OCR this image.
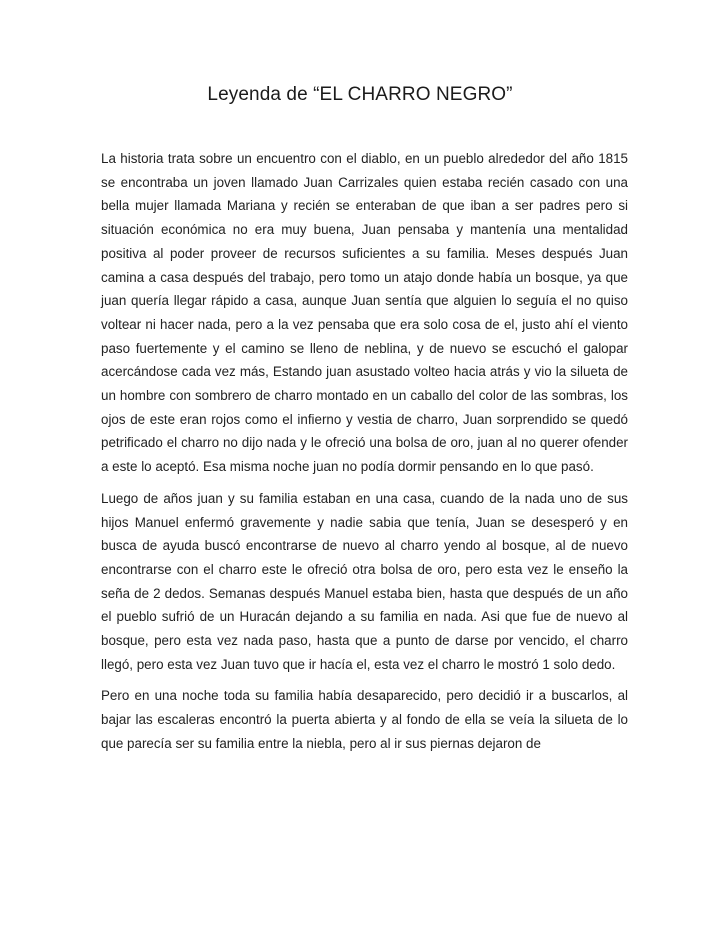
Leyenda de “EL CHARRO NEGRO”

La historia trata sobre un encuentro con el diablo, en un pueblo alrededor del año 1815 se encontraba un joven llamado Juan Carrizales quien estaba recién casado con una bella mujer llamada Mariana y recién se enteraban de que iban a ser padres pero si situación económica no era muy buena, Juan pensaba y mantenía una mentalidad positiva al poder proveer de recursos suficientes a su familia. Meses después Juan camina a casa después del trabajo, pero tomo un atajo donde había un bosque, ya que juan quería llegar rápido a casa, aunque Juan sentía que alguien lo seguía el no quiso voltear ni hacer nada, pero a la vez pensaba que era solo cosa de el, justo ahí el viento paso fuertemente y el camino se lleno de neblina, y de nuevo se escuchó el galopar acercándose cada vez más, Estando juan asustado volteo hacia atrás y vio la silueta de un hombre con sombrero de charro montado en un caballo del color de las sombras, los ojos de este eran rojos como el infierno y vestia de charro, Juan sorprendido se quedó petrificado el charro no dijo nada y le ofreció una bolsa de oro, juan al no querer ofender a este lo aceptó. Esa misma noche juan no podía dormir pensando en lo que pasó.

Luego de años juan y su familia estaban en una casa, cuando de la nada uno de sus hijos Manuel enfermó gravemente y nadie sabia que tenía, Juan se desesperó y en busca de ayuda buscó encontrarse de nuevo al charro yendo al bosque, al de nuevo encontrarse con el charro este le ofreció otra bolsa de oro, pero esta vez le enseño la seña de 2 dedos. Semanas después Manuel estaba bien, hasta que después de un año el pueblo sufrió de un Huracán dejando a su familia en nada. Asi que fue de nuevo al bosque, pero esta vez nada paso, hasta que a punto de darse por vencido, el charro llegó, pero esta vez Juan tuvo que ir hacía el, esta vez el charro le mostró 1 solo dedo.

Pero en una noche toda su familia había desaparecido, pero decidió ir a buscarlos, al bajar las escaleras encontró la puerta abierta y al fondo de ella se veía la silueta de lo que parecía ser su familia entre la niebla, pero al ir sus piernas dejaron de
